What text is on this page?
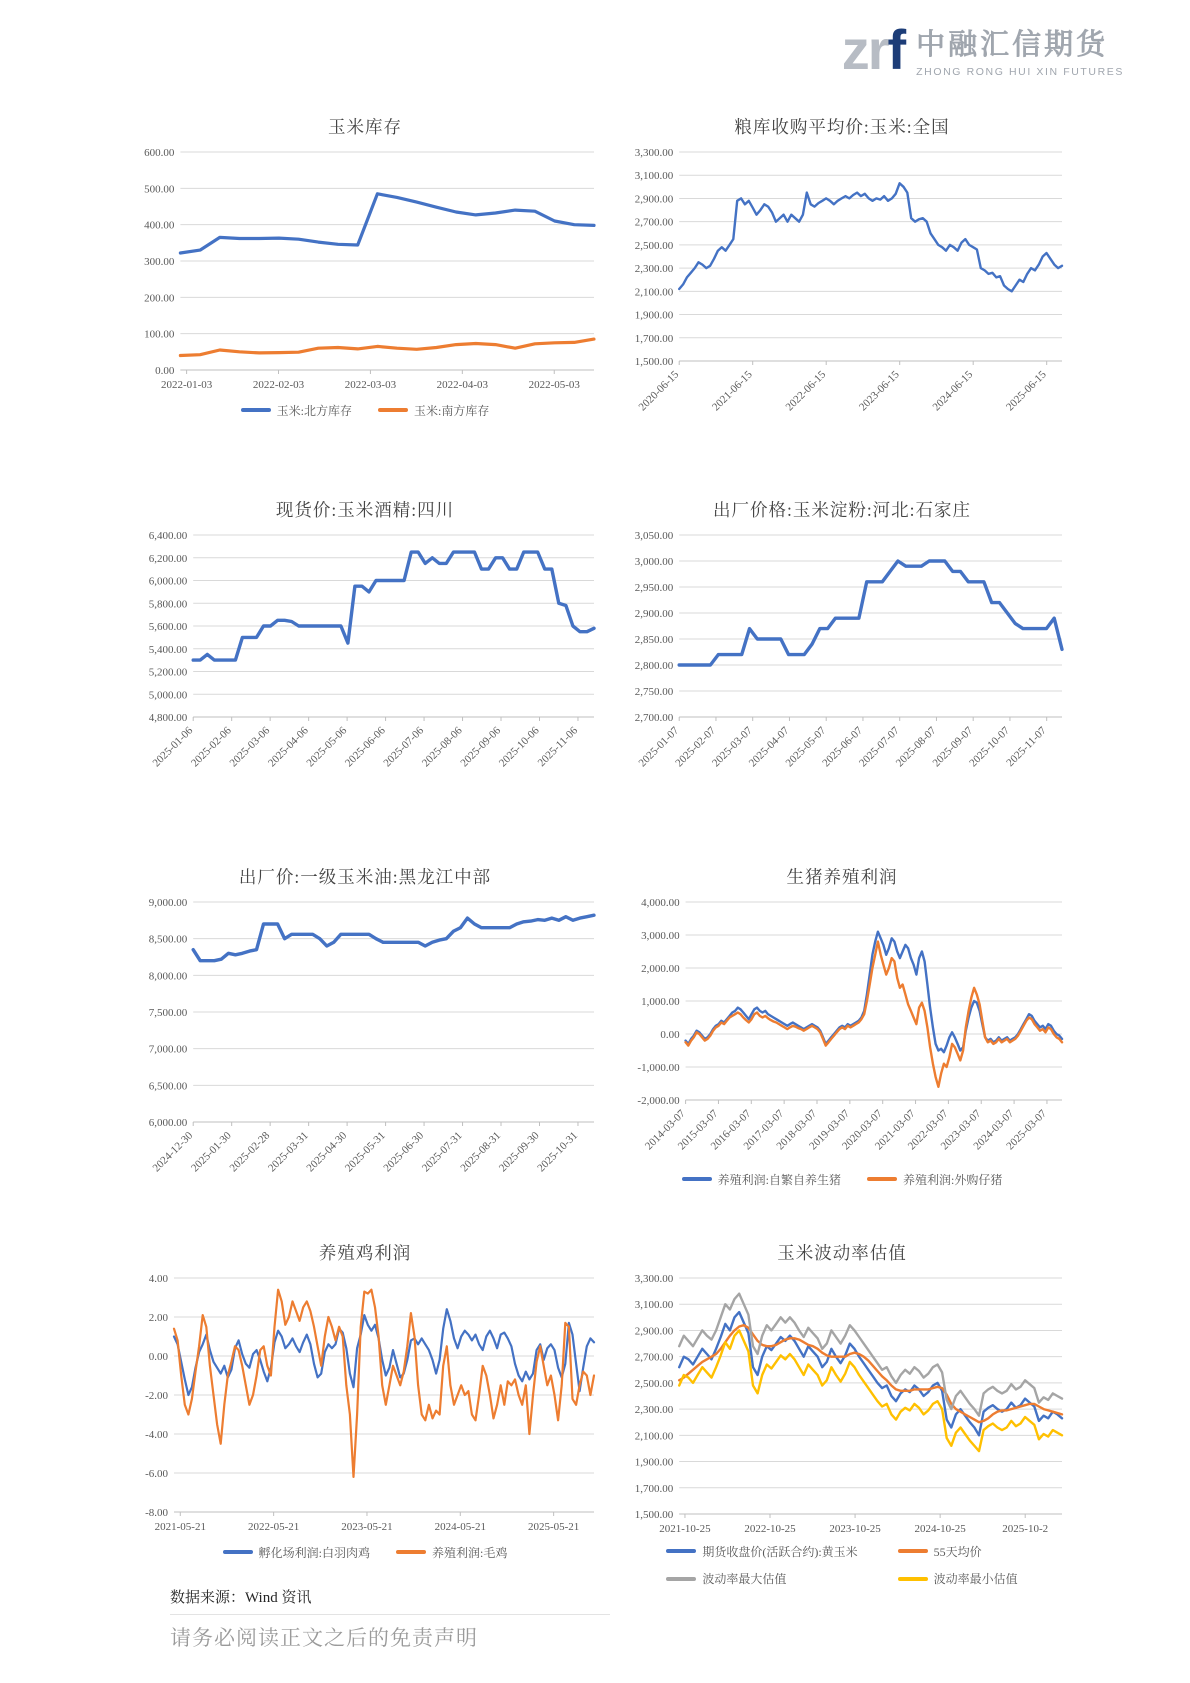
zrf 中融汇信期货
ZHONG RONG HUI XIN FUTURES
玉米库存
0.00
100.00
200.00
300.00
400.00
500.00
600.00
2022-01-03	2022-02-03	2022-03-03	2022-04-03	2022-05-03
玉米:北方库存	玉米:南方库存
粮库收购平均价:玉米:全国
1,500.00
1,700.00
1,900.00
2,100.00
2,300.00
2,500.00
2,700.00
2,900.00
3,100.00
3,300.00
2020-06-15	2021-06-15	2022-06-15	2023-06-15	2024-06-15	2025-06-15
现货价:玉米酒精:四川
4,800.00
5,000.00
5,200.00
5,400.00
5,600.00
5,800.00
6,000.00
6,200.00
6,400.00
2025-01-06
2025-02-06
2025-03-06
2025-04-06
2025-05-06
2025-06-06
2025-07-06
2025-08-06
2025-09-06
2025-10-06
2025-11-06
出厂价格:玉米淀粉:河北:石家庄
2,700.00
2,750.00
2,800.00
2,850.00
2,900.00
2,950.00
3,000.00
3,050.00
2025-01-07
2025-02-07
2025-03-07
2025-04-07
2025-05-07
2025-06-07
2025-07-07
2025-08-07
2025-09-07
2025-10-07
2025-11-07
出厂价:一级玉米油:黑龙江中部
6,000.00
6,500.00
7,000.00
7,500.00
8,000.00
8,500.00
9,000.00
2024-12-30
2025-01-30
2025-02-28
2025-03-31
2025-04-30
2025-05-31
2025-06-30
2025-07-31
2025-08-31
2025-09-30
2025-10-31
生猪养殖利润
-2,000.00
-1,000.00
0.00
1,000.00
2,000.00
3,000.00
4,000.00
2014-03-07
2015-03-07
2016-03-07
2017-03-07
2018-03-07
2019-03-07
2020-03-07
2021-03-07
2022-03-07
2023-03-07
2024-03-07
2025-03-07
养殖利润:自繁自养生猪	养殖利润:外购仔猪
养殖鸡利润
-8.00
-6.00
-4.00
-2.00
0.00
2.00
4.00
2021-05-21	2022-05-21	2023-05-21	2024-05-21	2025-05-21
孵化场利润:白羽肉鸡	养殖利润:毛鸡
玉米波动率估值
1,500.00
1,700.00
1,900.00
2,100.00
2,300.00
2,500.00
2,700.00
2,900.00
3,100.00
3,300.00
2021-10-25	2022-10-25	2023-10-25	2024-10-25	2025-10-2
期货收盘价(活跃合约):黄玉米	55天均价
波动率最大估值	波动率最小估值
数据来源：Wind 资讯
请务必阅读正文之后的免责声明
